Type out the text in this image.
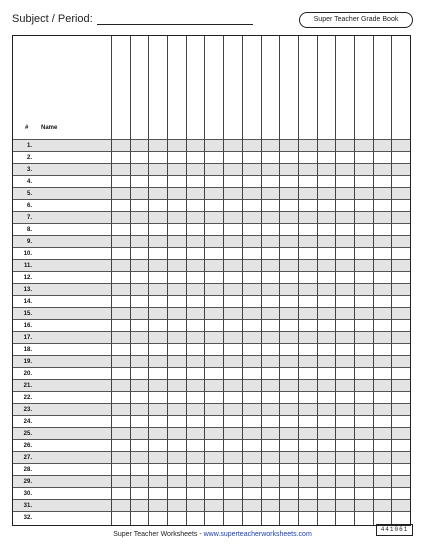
Subject / Period:	Super Teacher Grade Book
# Name
1.
2.
3.
4.
5.
6.
7.
8.
9.
10.
11.
12.
13.
14.
15.
16.
17.
18.
19.
20.
21.
22.
23.
24.
25.
26.
27.
28.
29.
30.
31.
32.
Super Teacher Worksheets - www.superteacherworksheets.com
441061
